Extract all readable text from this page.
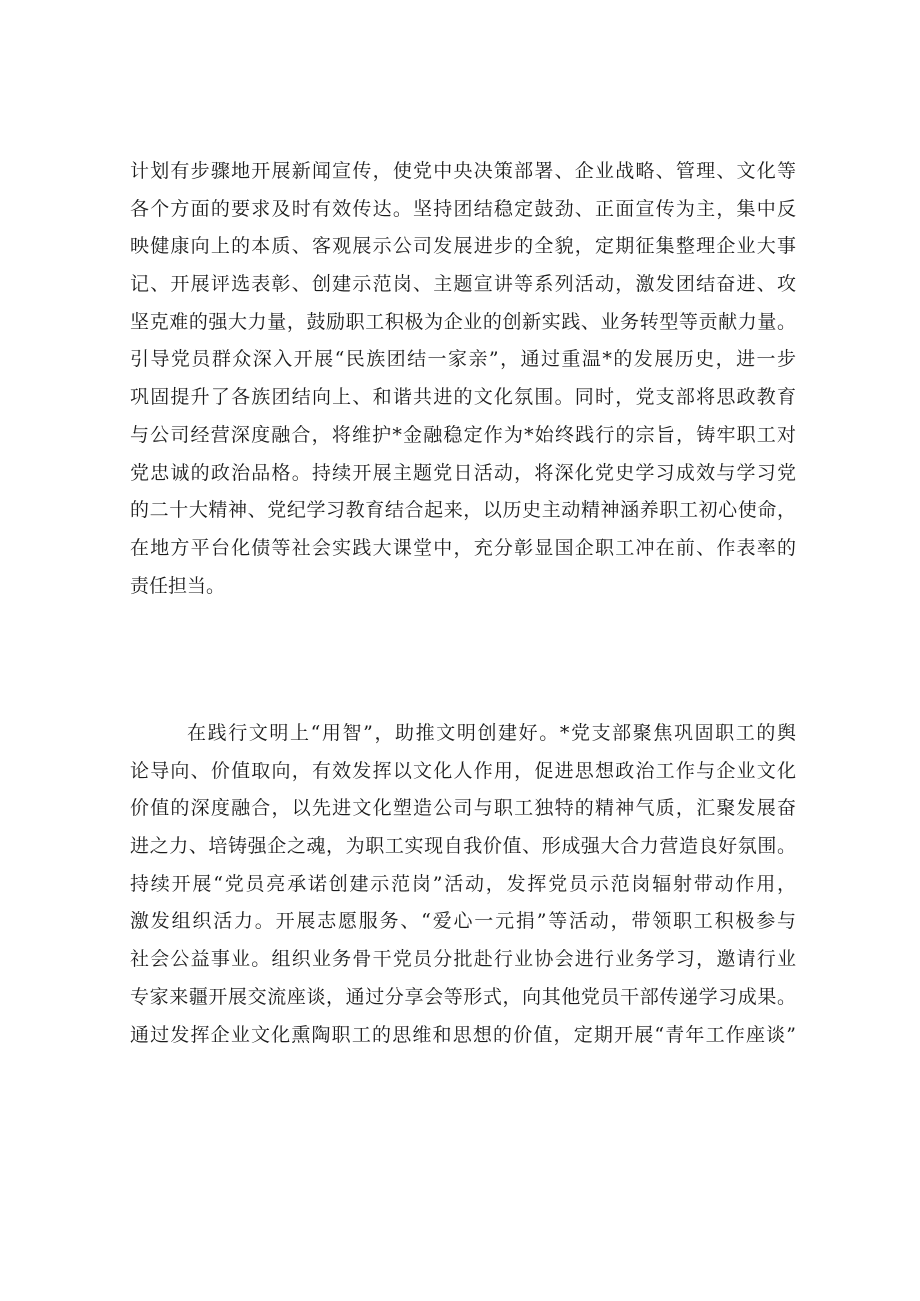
计划有步骤地开展新闻宣传，使党中央决策部署、企业战略、管理、文化等
各个方面的要求及时有效传达。坚持团结稳定鼓劲、正面宣传为主，集中反
映健康向上的本质、客观展示公司发展进步的全貌，定期征集整理企业大事
记、开展评选表彰、创建示范岗、主题宣讲等系列活动，激发团结奋进、攻
坚克难的强大力量，鼓励职工积极为企业的创新实践、业务转型等贡献力量。
引导党员群众深入开展“民族团结一家亲”，通过重温*的发展历史，进一步
巩固提升了各族团结向上、和谐共进的文化氛围。同时，党支部将思政教育
与公司经营深度融合，将维护*金融稳定作为*始终践行的宗旨，铸牢职工对
党忠诚的政治品格。持续开展主题党日活动，将深化党史学习成效与学习党
的二十大精神、党纪学习教育结合起来，以历史主动精神涵养职工初心使命，
在地方平台化债等社会实践大课堂中，充分彰显国企职工冲在前、作表率的
责任担当。
在践行文明上“用智”，助推文明创建好。*党支部聚焦巩固职工的舆
论导向、价值取向，有效发挥以文化人作用，促进思想政治工作与企业文化
价值的深度融合，以先进文化塑造公司与职工独特的精神气质，汇聚发展奋
进之力、培铸强企之魂，为职工实现自我价值、形成强大合力营造良好氛围。
持续开展“党员亮承诺创建示范岗”活动，发挥党员示范岗辐射带动作用，
激发组织活力。开展志愿服务、“爱心一元捐”等活动，带领职工积极参与
社会公益事业。组织业务骨干党员分批赴行业协会进行业务学习，邀请行业
专家来疆开展交流座谈，通过分享会等形式，向其他党员干部传递学习成果。
通过发挥企业文化熏陶职工的思维和思想的价值，定期开展“青年工作座谈”
